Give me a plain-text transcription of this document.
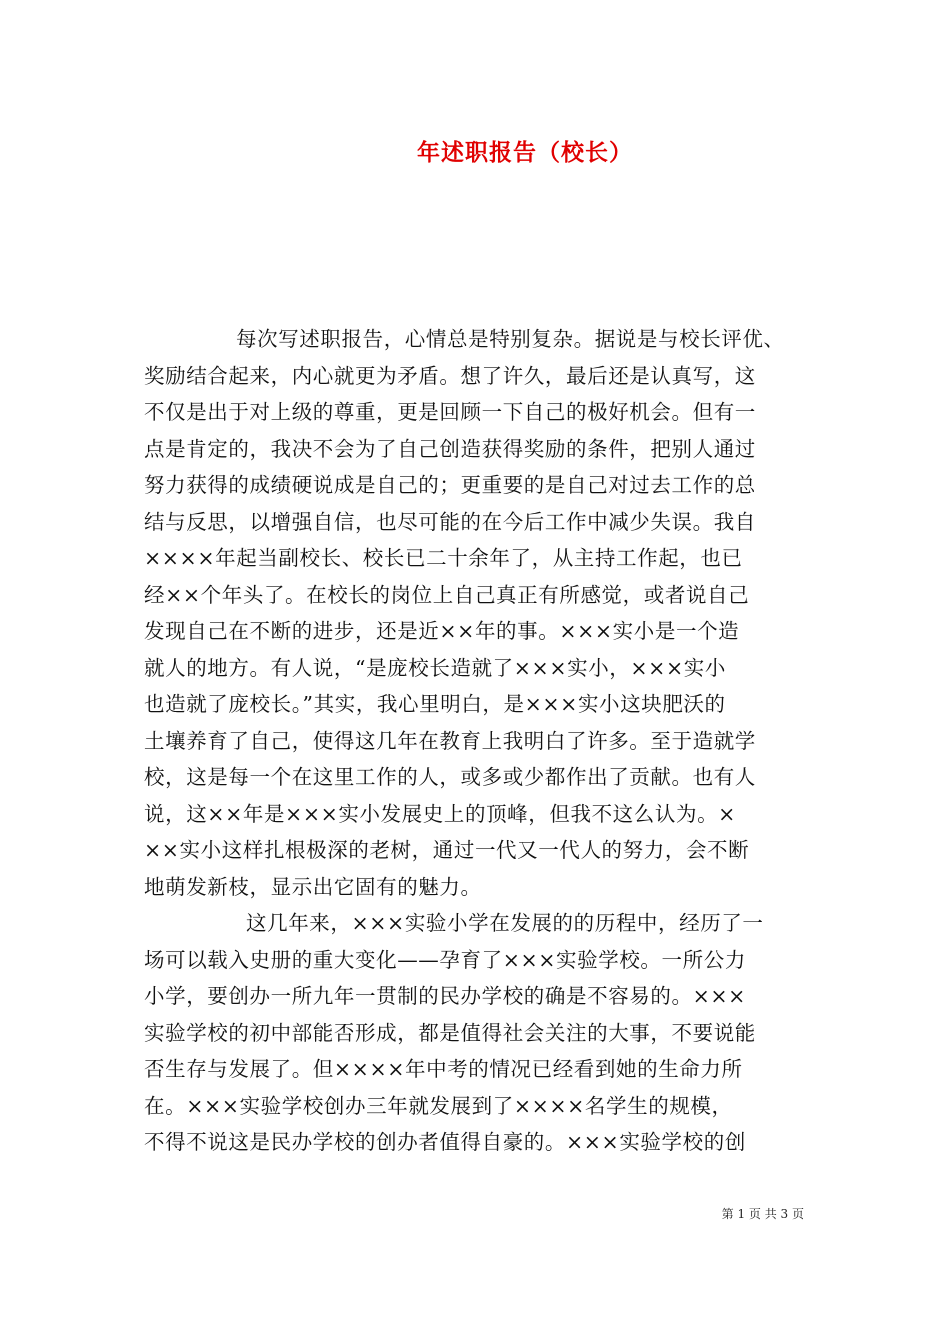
年述职报告（校长）
每次写述职报告，心情总是特别复杂。据说是与校长评优、
奖励结合起来，内心就更为矛盾。想了许久，最后还是认真写，这
不仅是出于对上级的尊重，更是回顾一下自己的极好机会。但有一
点是肯定的，我决不会为了自己创造获得奖励的条件，把别人通过
努力获得的成绩硬说成是自己的；更重要的是自己对过去工作的总
结与反思，以增强自信，也尽可能的在今后工作中减少失误。我自
××××年起当副校长、校长已二十余年了，从主持工作起，也已
经××个年头了。在校长的岗位上自己真正有所感觉，或者说自己
发现自己在不断的进步，还是近××年的事。×××实小是一个造
就人的地方。有人说，“是庞校长造就了×××实小，×××实小
也造就了庞校长。”其实，我心里明白，是×××实小这块肥沃的
土壤养育了自己，使得这几年在教育上我明白了许多。至于造就学
校，这是每一个在这里工作的人，或多或少都作出了贡献。也有人
说，这××年是×××实小发展史上的顶峰，但我不这么认为。×
××实小这样扎根极深的老树，通过一代又一代人的努力，会不断
地萌发新枝，显示出它固有的魅力。
这几年来，×××实验小学在发展的的历程中，经历了一
场可以载入史册的重大变化——孕育了×××实验学校。一所公力
小学，要创办一所九年一贯制的民办学校的确是不容易的。×××
实验学校的初中部能否形成，都是值得社会关注的大事，不要说能
否生存与发展了。但××××年中考的情况已经看到她的生命力所
在。×××实验学校创办三年就发展到了××××名学生的规模，
不得不说这是民办学校的创办者值得自豪的。×××实验学校的创
第 1 页 共 3 页
